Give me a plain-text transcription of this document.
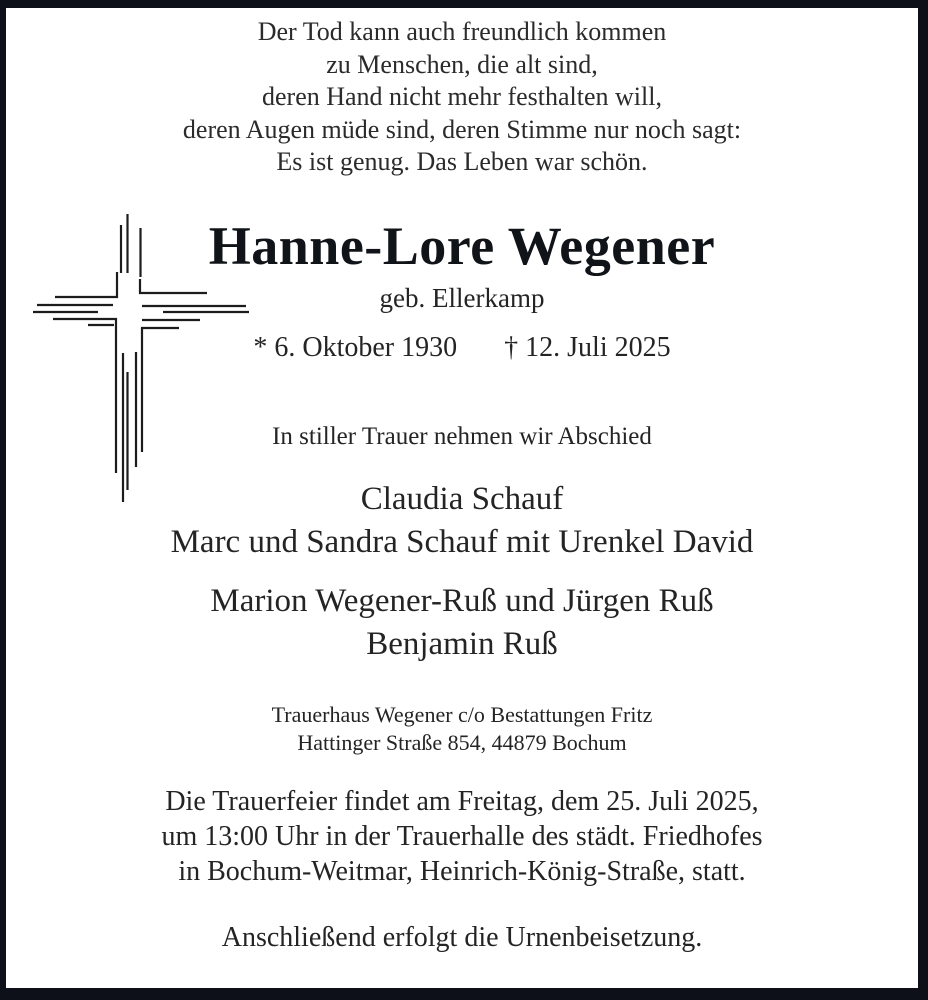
Der Tod kann auch freundlich kommen
zu Menschen, die alt sind,
deren Hand nicht mehr festhalten will,
deren Augen müde sind, deren Stimme nur noch sagt:
Es ist genug. Das Leben war schön.
Hanne-Lore Wegener
geb. Ellerkamp
* 6. Oktober 1930 † 12. Juli 2025
In stiller Trauer nehmen wir Abschied
Claudia Schauf
Marc und Sandra Schauf mit Urenkel David
Marion Wegener-Ruß und Jürgen Ruß
Benjamin Ruß
Trauerhaus Wegener c/o Bestattungen Fritz
Hattinger Straße 854, 44879 Bochum
Die Trauerfeier findet am Freitag, dem 25. Juli 2025,
um 13:00 Uhr in der Trauerhalle des städt. Friedhofes
in Bochum-Weitmar, Heinrich-König-Straße, statt.
Anschließend erfolgt die Urnenbeisetzung.
